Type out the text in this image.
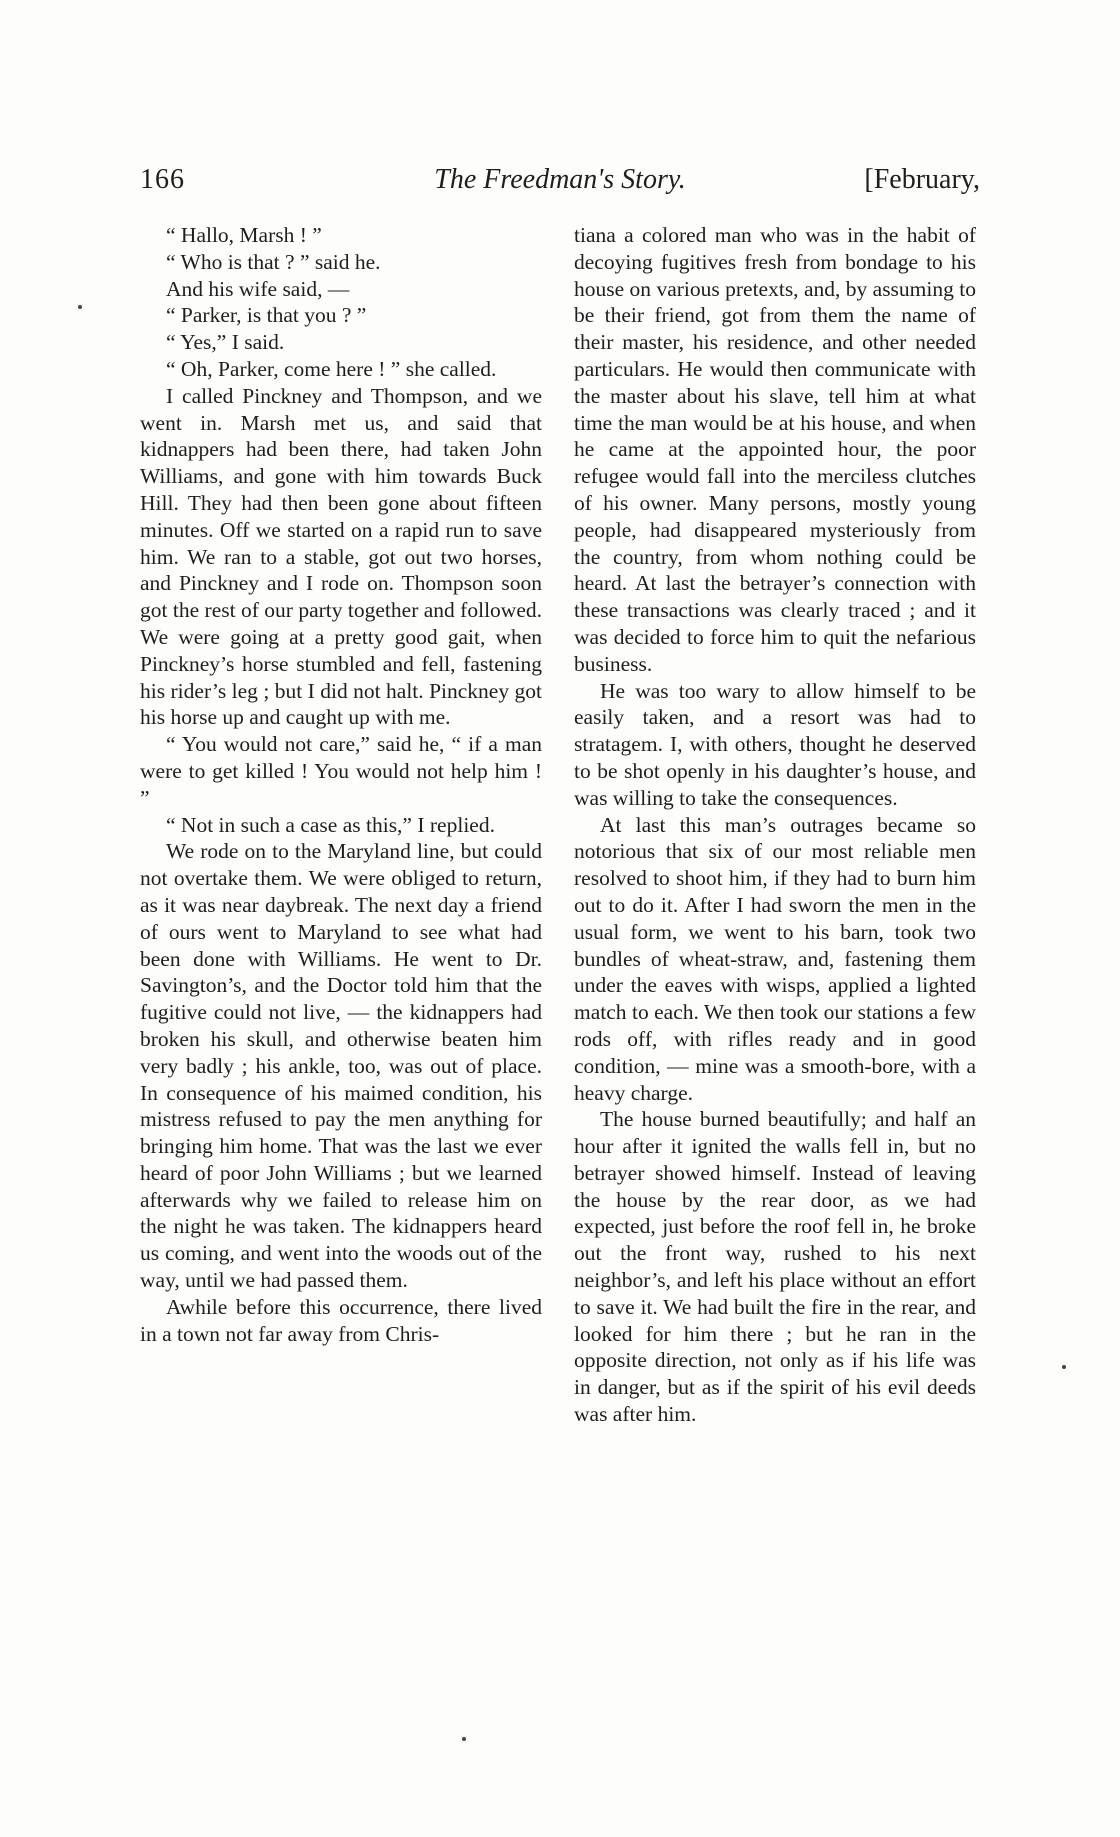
166	The Freedman's Story.	[February,

“ Hallo, Marsh ! ”

“ Who is that ? ” said he.

And his wife said, —

“ Parker, is that you ? ”

“ Yes,” I said.

“ Oh, Parker, come here ! ” she called.

I called Pinckney and Thompson, and we went in. Marsh met us, and said that kidnappers had been there, had taken John Williams, and gone with him towards Buck Hill. They had then been gone about fifteen minutes. Off we started on a rapid run to save him. We ran to a stable, got out two horses, and Pinckney and I rode on. Thompson soon got the rest of our party together and followed. We were going at a pretty good gait, when Pinckney’s horse stumbled and fell, fastening his rider’s leg ; but I did not halt. Pinckney got his horse up and caught up with me.

“ You would not care,” said he, “ if a man were to get killed ! You would not help him ! ”

“ Not in such a case as this,” I replied.

We rode on to the Maryland line, but could not overtake them. We were obliged to return, as it was near daybreak. The next day a friend of ours went to Maryland to see what had been done with Williams. He went to Dr. Savington’s, and the Doctor told him that the fugitive could not live, — the kidnappers had broken his skull, and otherwise beaten him very badly ; his ankle, too, was out of place. In consequence of his maimed condition, his mistress refused to pay the men anything for bringing him home. That was the last we ever heard of poor John Williams ; but we learned afterwards why we failed to release him on the night he was taken. The kidnappers heard us coming, and went into the woods out of the way, until we had passed them.

Awhile before this occurrence, there lived in a town not far away from Chris-

tiana a colored man who was in the habit of decoying fugitives fresh from bondage to his house on various pretexts, and, by assuming to be their friend, got from them the name of their master, his residence, and other needed particulars. He would then communicate with the master about his slave, tell him at what time the man would be at his house, and when he came at the appointed hour, the poor refugee would fall into the merciless clutches of his owner. Many persons, mostly young people, had disappeared mysteriously from the country, from whom nothing could be heard. At last the betrayer’s connection with these transactions was clearly traced ; and it was decided to force him to quit the nefarious business.

He was too wary to allow himself to be easily taken, and a resort was had to stratagem. I, with others, thought he deserved to be shot openly in his daughter’s house, and was willing to take the consequences.

At last this man’s outrages became so notorious that six of our most reliable men resolved to shoot him, if they had to burn him out to do it. After I had sworn the men in the usual form, we went to his barn, took two bundles of wheat-straw, and, fastening them under the eaves with wisps, applied a lighted match to each. We then took our stations a few rods off, with rifles ready and in good condition, — mine was a smooth-bore, with a heavy charge.

The house burned beautifully; and half an hour after it ignited the walls fell in, but no betrayer showed himself. Instead of leaving the house by the rear door, as we had expected, just before the roof fell in, he broke out the front way, rushed to his next neighbor’s, and left his place without an effort to save it. We had built the fire in the rear, and looked for him there ; but he ran in the opposite direction, not only as if his life was in danger, but as if the spirit of his evil deeds was after him.
